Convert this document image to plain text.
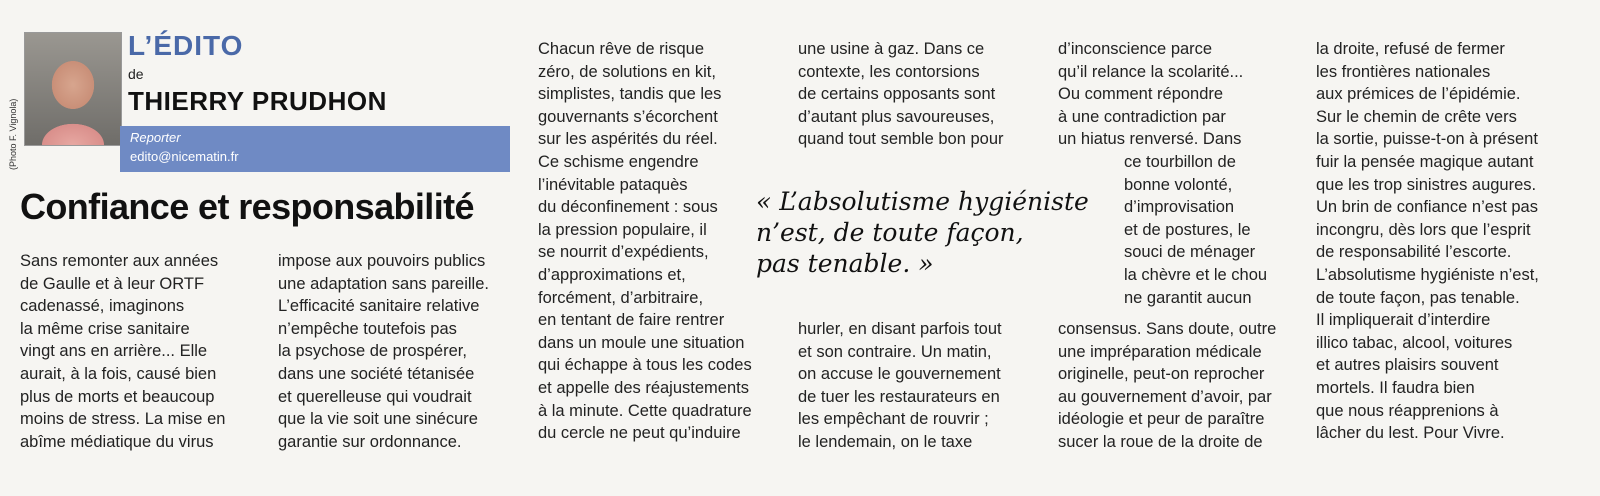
(Photo F. Vignola)
L’ÉDITO
de
THIERRY PRUDHON
Reporter
edito@nicematin.fr
Confiance et responsabilité
Sans remonter aux années
de Gaulle et à leur ORTF
cadenassé, imaginons
la même crise sanitaire
vingt ans en arrière... Elle
aurait, à la fois, causé bien
plus de morts et beaucoup
moins de stress. La mise en
abîme médiatique du virus
impose aux pouvoirs publics
une adaptation sans pareille.
L’efficacité sanitaire relative
n’empêche toutefois pas
la psychose de prospérer,
dans une société tétanisée
et querelleuse qui voudrait
que la vie soit une sinécure
garantie sur ordonnance.
Chacun rêve de risque
zéro, de solutions en kit,
simplistes, tandis que les
gouvernants s’écorchent
sur les aspérités du réel.
Ce schisme engendre
l’inévitable pataquès
du déconfinement : sous
la pression populaire, il
se nourrit d’expédients,
d’approximations et,
forcément, d’arbitraire,
en tentant de faire rentrer
dans un moule une situation
qui échappe à tous les codes
et appelle des réajustements
à la minute. Cette quadrature
du cercle ne peut qu’induire
une usine à gaz. Dans ce
contexte, les contorsions
de certains opposants sont
d’autant plus savoureuses,
quand tout semble bon pour
« L’absolutisme hygiéniste
n’est, de toute façon,
pas tenable. »
hurler, en disant parfois tout
et son contraire. Un matin,
on accuse le gouvernement
de tuer les restaurateurs en
les empêchant de rouvrir ;
le lendemain, on le taxe
d’inconscience parce
qu’il relance la scolarité...
Ou comment répondre
à une contradiction par
un hiatus renversé. Dans
ce tourbillon de
bonne volonté,
d’improvisation
et de postures, le
souci de ménager
la chèvre et le chou
ne garantit aucun
consensus. Sans doute, outre
une impréparation médicale
originelle, peut-on reprocher
au gouvernement d’avoir, par
idéologie et peur de paraître
sucer la roue de la droite de
la droite, refusé de fermer
les frontières nationales
aux prémices de l’épidémie.
Sur le chemin de crête vers
la sortie, puisse-t-on à présent
fuir la pensée magique autant
que les trop sinistres augures.
Un brin de confiance n’est pas
incongru, dès lors que l’esprit
de responsabilité l’escorte.
L’absolutisme hygiéniste n’est,
de toute façon, pas tenable.
Il impliquerait d’interdire
illico tabac, alcool, voitures
et autres plaisirs souvent
mortels. Il faudra bien
que nous réapprenions à
lâcher du lest. Pour Vivre.
